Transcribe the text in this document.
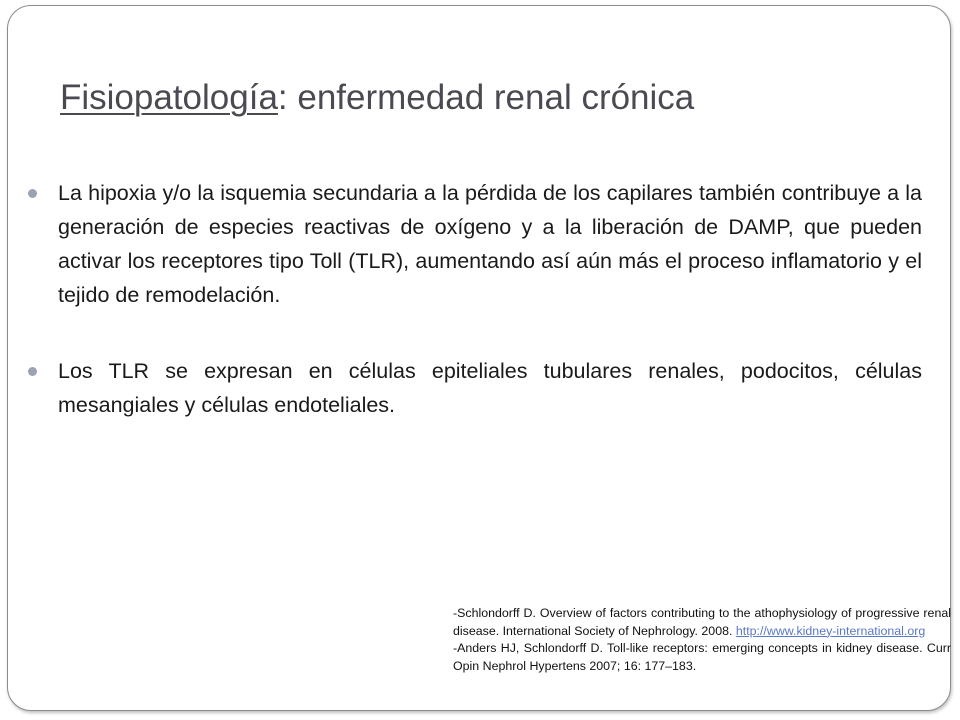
Fisiopatología: enfermedad renal crónica
La hipoxia y/o la isquemia secundaria a la pérdida de los capilares también contribuye a la generación de especies reactivas de oxígeno y a la liberación de DAMP, que pueden activar los receptores tipo Toll (TLR), aumentando así aún más el proceso inflamatorio y el tejido de remodelación.
Los TLR se expresan en células epiteliales tubulares renales, podocitos, células mesangiales y células endoteliales.

-Schlondorff D. Overview of factors contributing to the athophysiology of progressive renal disease. International Society of Nephrology. 2008. http://www.kidney-international.org

-Anders HJ, Schlondorff D. Toll-like receptors: emerging concepts in kidney disease. Curr Opin Nephrol Hypertens 2007; 16: 177–183.
